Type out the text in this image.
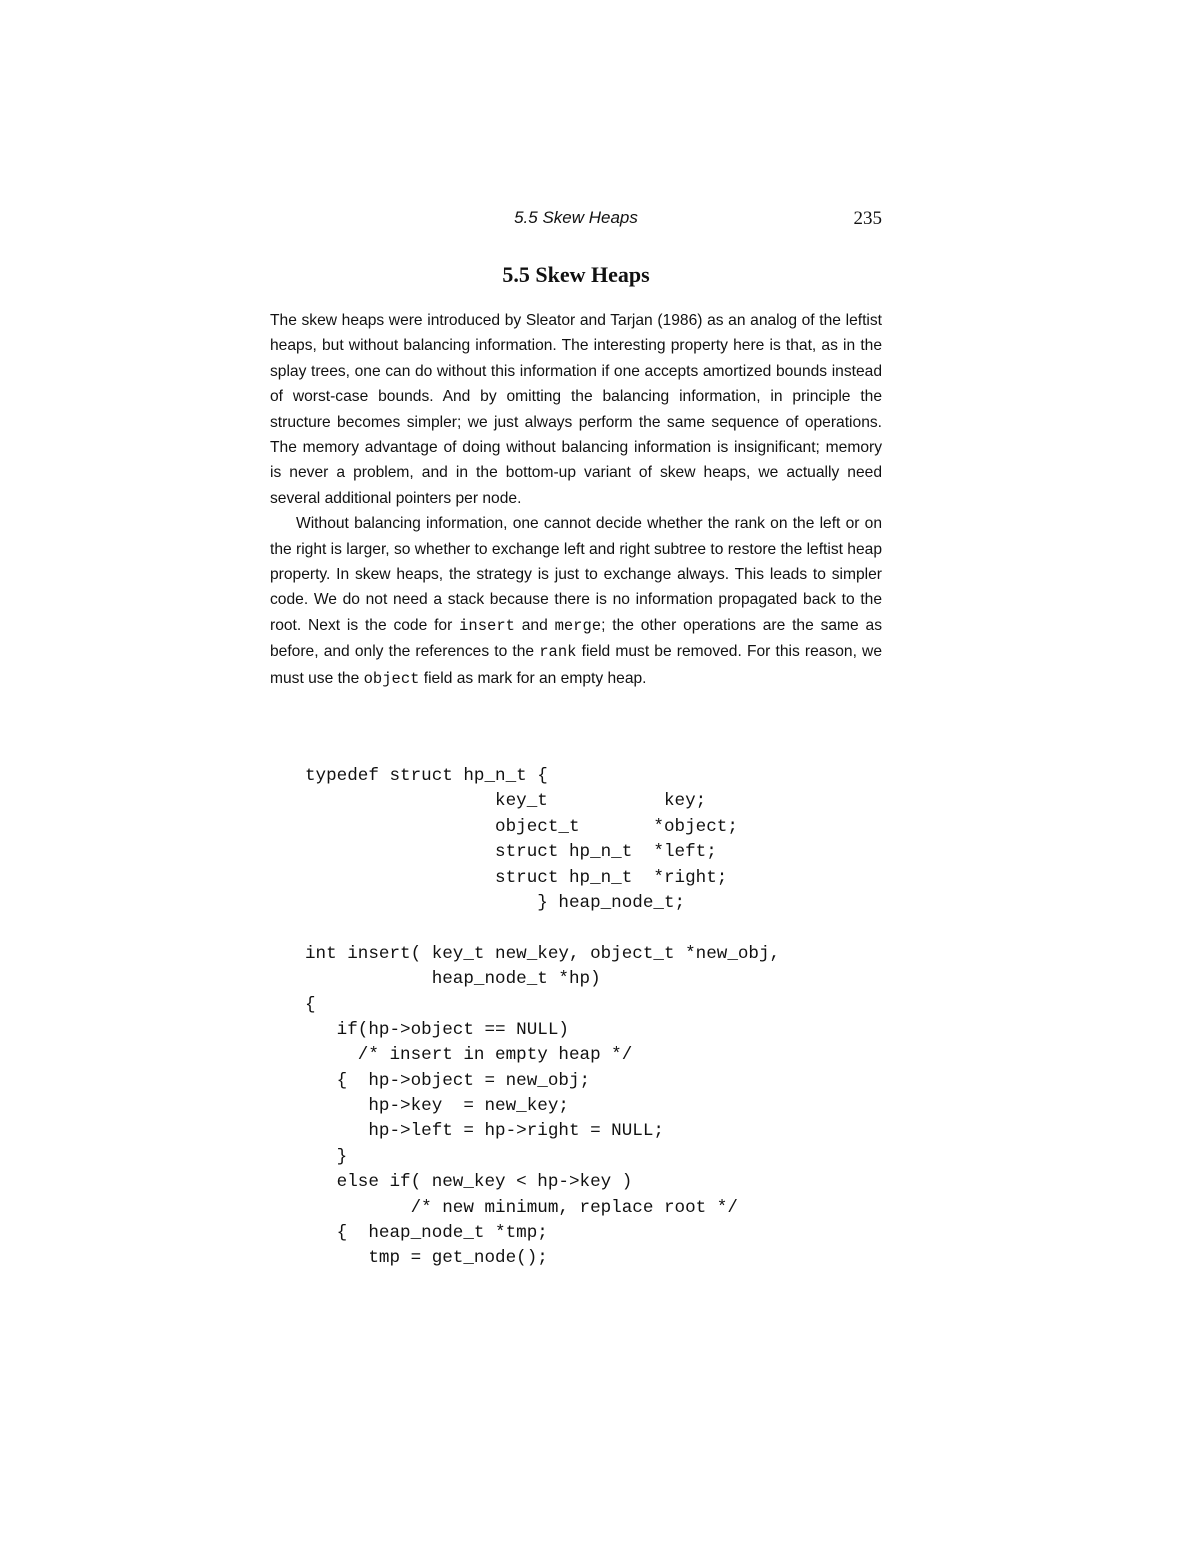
5.5 Skew Heaps	235
5.5 Skew Heaps

The skew heaps were introduced by Sleator and Tarjan (1986) as an analog of the leftist heaps, but without balancing information. The interesting property here is that, as in the splay trees, one can do without this information if one accepts amortized bounds instead of worst-case bounds. And by omitting the balancing information, in principle the structure becomes simpler; we just always perform the same sequence of operations. The memory advantage of doing without balancing information is insignificant; memory is never a problem, and in the bottom-up variant of skew heaps, we actually need several additional pointers per node.

Without balancing information, one cannot decide whether the rank on the left or on the right is larger, so whether to exchange left and right subtree to restore the leftist heap property. In skew heaps, the strategy is just to exchange always. This leads to simpler code. We do not need a stack because there is no information propagated back to the root. Next is the code for insert and merge; the other operations are the same as before, and only the references to the rank field must be removed. For this reason, we must use the object field as mark for an empty heap.

typedef struct hp_n_t {
key_t           key;
object_t       *object;
struct hp_n_t  *left;
struct hp_n_t  *right;
} heap_node_t;
int insert( key_t new_key, object_t *new_obj,
heap_node_t *hp)
{
if(hp->object == NULL)
/* insert in empty heap */
{  hp->object = new_obj;
hp->key  = new_key;
hp->left = hp->right = NULL;
}
else if( new_key < hp->key )
/* new minimum, replace root */
{  heap_node_t *tmp;
tmp = get_node();
